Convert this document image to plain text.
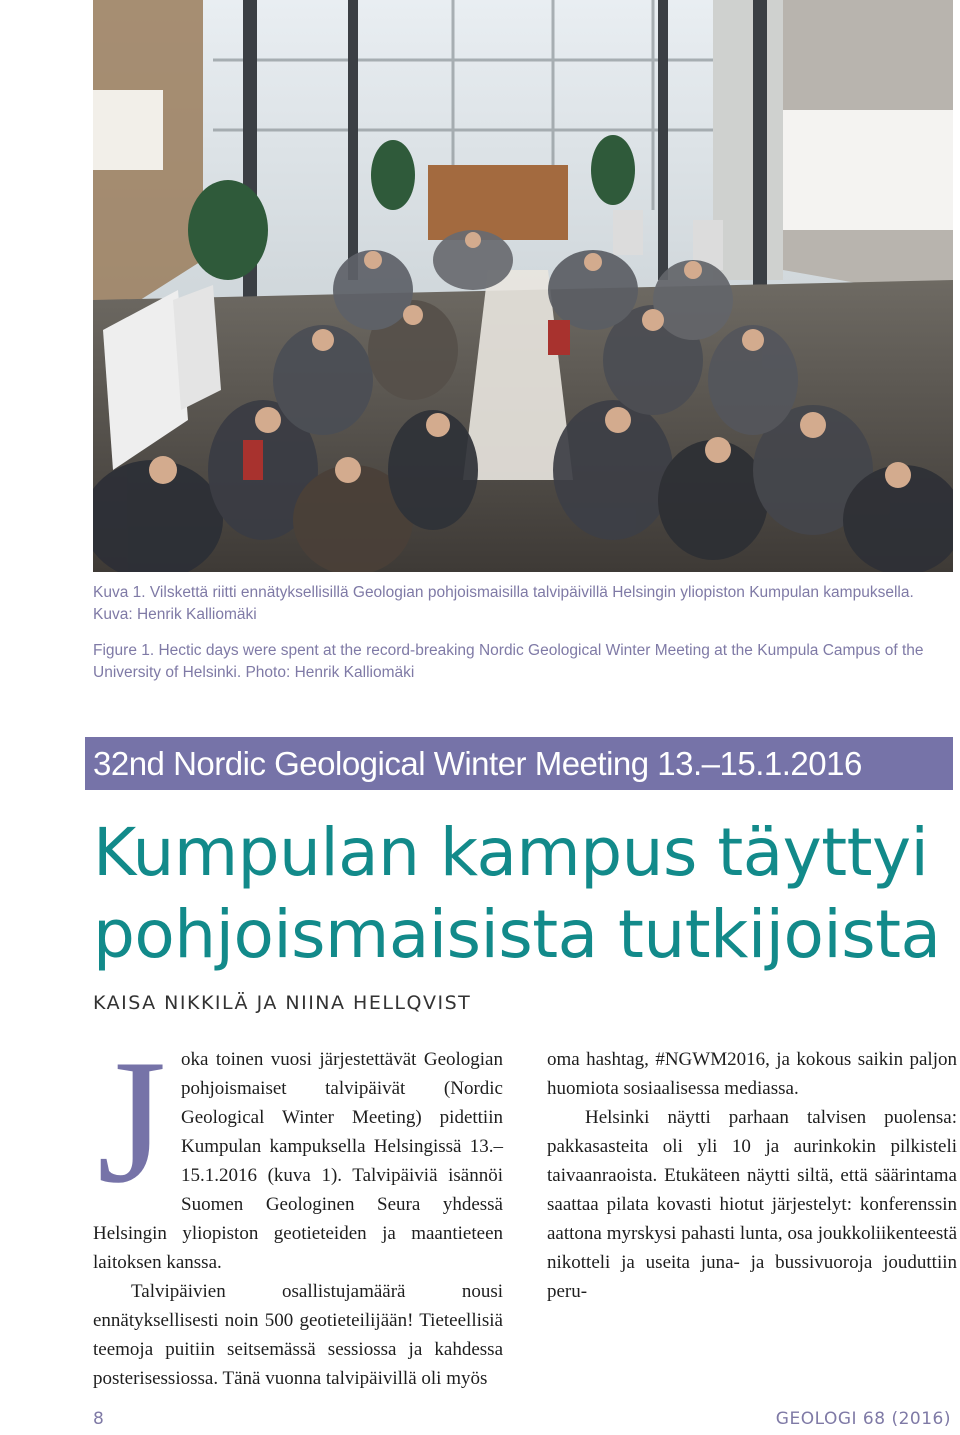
Kuva 1. Vilskettä riitti ennätyksellisillä Geologian pohjoismaisilla talvipäivillä Helsingin yliopiston Kumpulan kampuksella. Kuva: Henrik Kalliomäki
Figure 1. Hectic days were spent at the record-breaking Nordic Geological Winter Meeting at the Kumpula Campus of the University of Helsinki. Photo: Henrik Kalliomäki
32nd Nordic Geological Winter Meeting 13.–15.1.2016
Kumpulan kampus täyttyi
pohjoismaisista tutkijoista
KAISA NIKKILÄ JA NIINA HELLQVIST

J oka toinen vuosi järjestettävät Geologian pohjoismaiset talvipäivät (Nordic Geological Winter Meeting) pidettiin Kumpulan kampuksella Helsingissä 13.–15.1.2016 (kuva 1). Talvipäiviä isännöi Suomen Geologinen Seura yhdessä Helsingin yliopiston geotieteiden ja maantieteen laitoksen kanssa.

Talvipäivien osallistujamäärä nousi ennätyksellisesti noin 500 geotieteilijään! Tieteellisiä teemoja puitiin seitsemässä sessiossa ja kahdessa posterisessiossa. Tänä vuonna talvipäivillä oli myös

oma hashtag, #NGWM2016, ja kokous saikin paljon huomiota sosiaalisessa mediassa.

Helsinki näytti parhaan talvisen puolensa: pakkasasteita oli yli 10 ja aurinkokin pilkisteli taivaanraoista. Etukäteen näytti siltä, että säärintama saattaa pilata kovasti hiotut järjestelyt: konferenssin aattona myrskysi pahasti lunta, osa joukkoliikenteestä nikotteli ja useita juna- ja bussivuoroja jouduttiin peru-

8	GEOLOGI 68 (2016)
